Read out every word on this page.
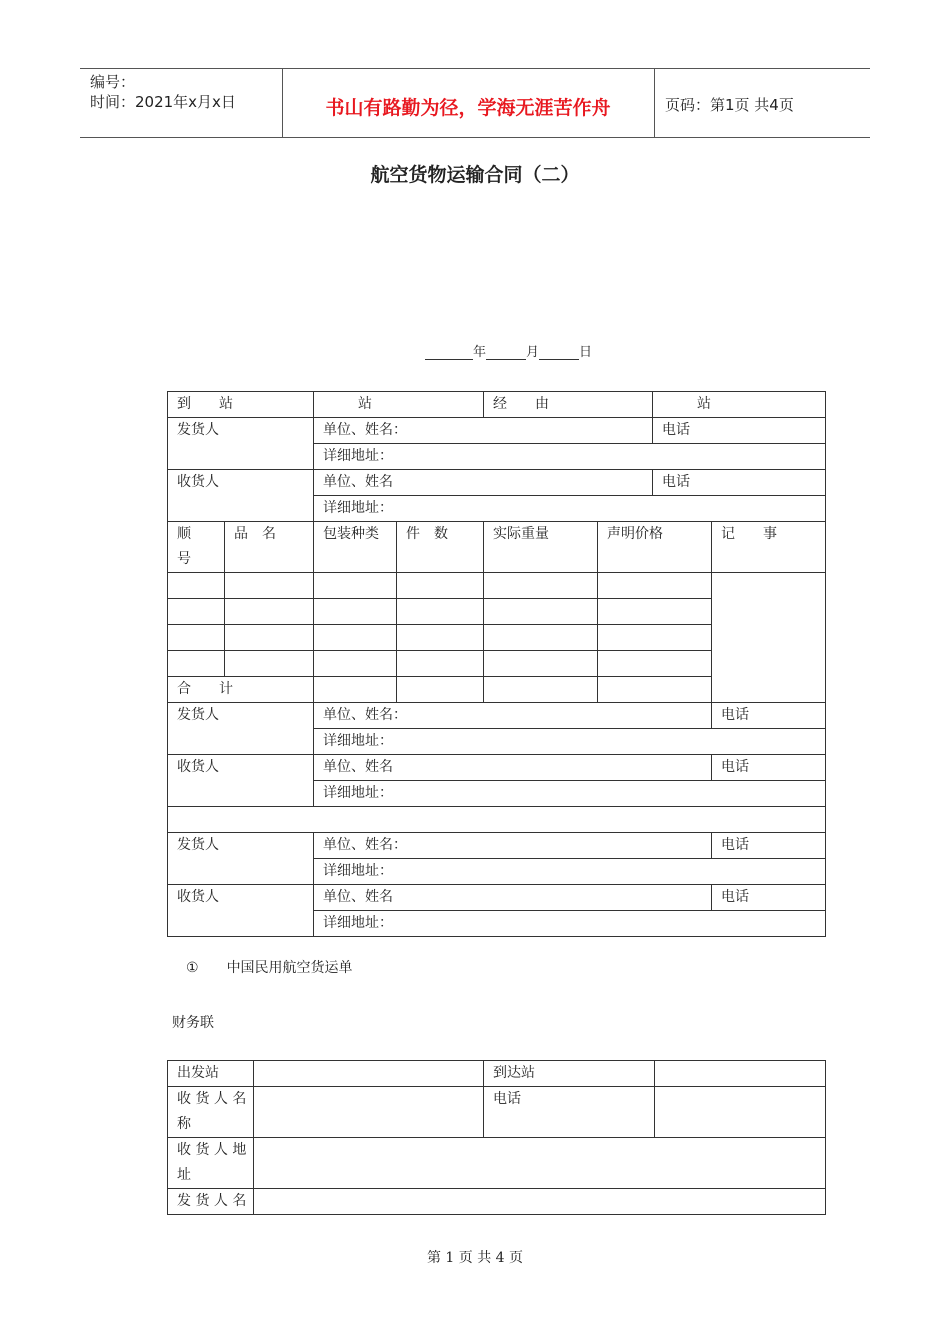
编号：
时间：2021年x月x日	书山有路勤为径，学海无涯苦作舟	页码：第1页 共4页
航空货物运输合同（二）
年	月	日
到　　站		站		经　　由		站	
发货人		单位、姓名：				电话	
		详细地址：					
收货人		单位、姓名				电话	
		详细地址：					
顺号	品　名	包装种类	件　数	实际重量	声明价格		记　　事

合　　计							
发货人		单位、姓名：					电话
		详细地址：					
收货人		单位、姓名					电话
		详细地址：					

发货人		单位、姓名：					电话
		详细地址：					
收货人		单位、姓名					电话
		详细地址：					
① 中国民用航空货运单
财务联
出发站		到达站	
收 货 人 名 称		电话	
收 货 人 地 址			
发 货 人 名			
第 1 页 共 4 页
